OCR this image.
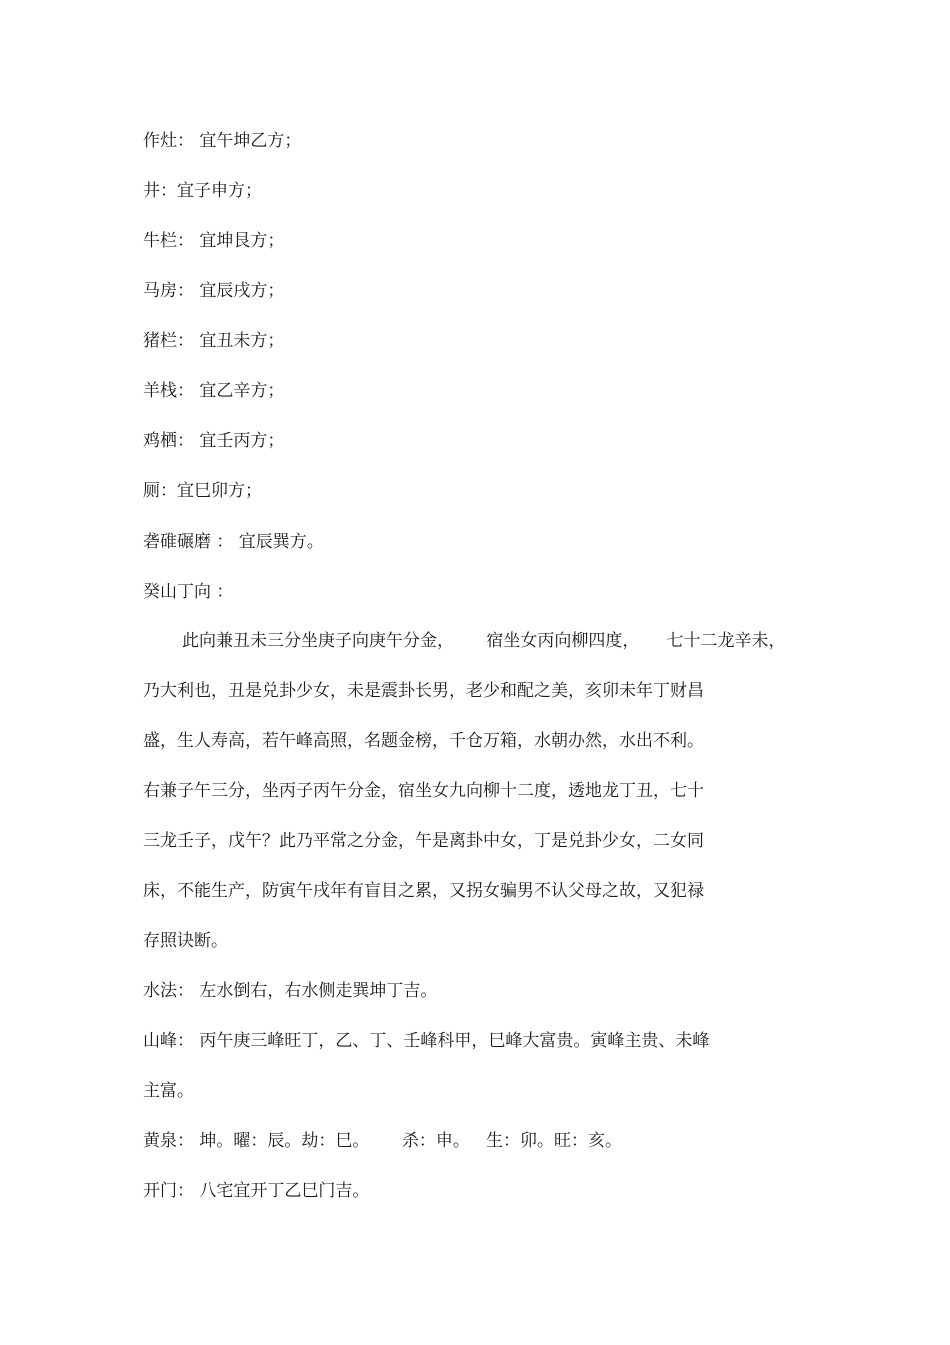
作灶： 宜午坤乙方；

井：宜子申方；

牛栏： 宜坤艮方；

马房： 宜辰戌方；

猪栏： 宜丑未方；

羊栈： 宜乙辛方；

鸡栖： 宜壬丙方；

厕：宜巳卯方；

砻碓碾磨 ： 宜辰巽方。

癸山丁向 ：

此向兼丑未三分坐庚子向庚午分金，      宿坐女丙向柳四度，     七十二龙辛未，

乃大利也，丑是兑卦少女，未是震卦长男，老少和配之美，亥卯未年丁财昌

盛，生人寿高，若午峰高照，名题金榜，千仓万箱，水朝办然，水出不利。

右兼子午三分，坐丙子丙午分金，宿坐女九向柳十二度，透地龙丁丑，七十

三龙壬子，戊午？此乃平常之分金，午是离卦中女，丁是兑卦少女，二女同

床，不能生产，防寅午戌年有盲目之累，又拐女骗男不认父母之故，又犯禄

存照诀断。

水法： 左水倒右，右水侧走巽坤丁吉。

山峰： 丙午庚三峰旺丁，乙、丁、壬峰科甲，巳峰大富贵。寅峰主贵、未峰

主富。

黄泉： 坤。曜：辰。劫：巳。      杀：申。   生：卯。旺：亥。

开门： 八宅宜开丁乙巳门吉。
